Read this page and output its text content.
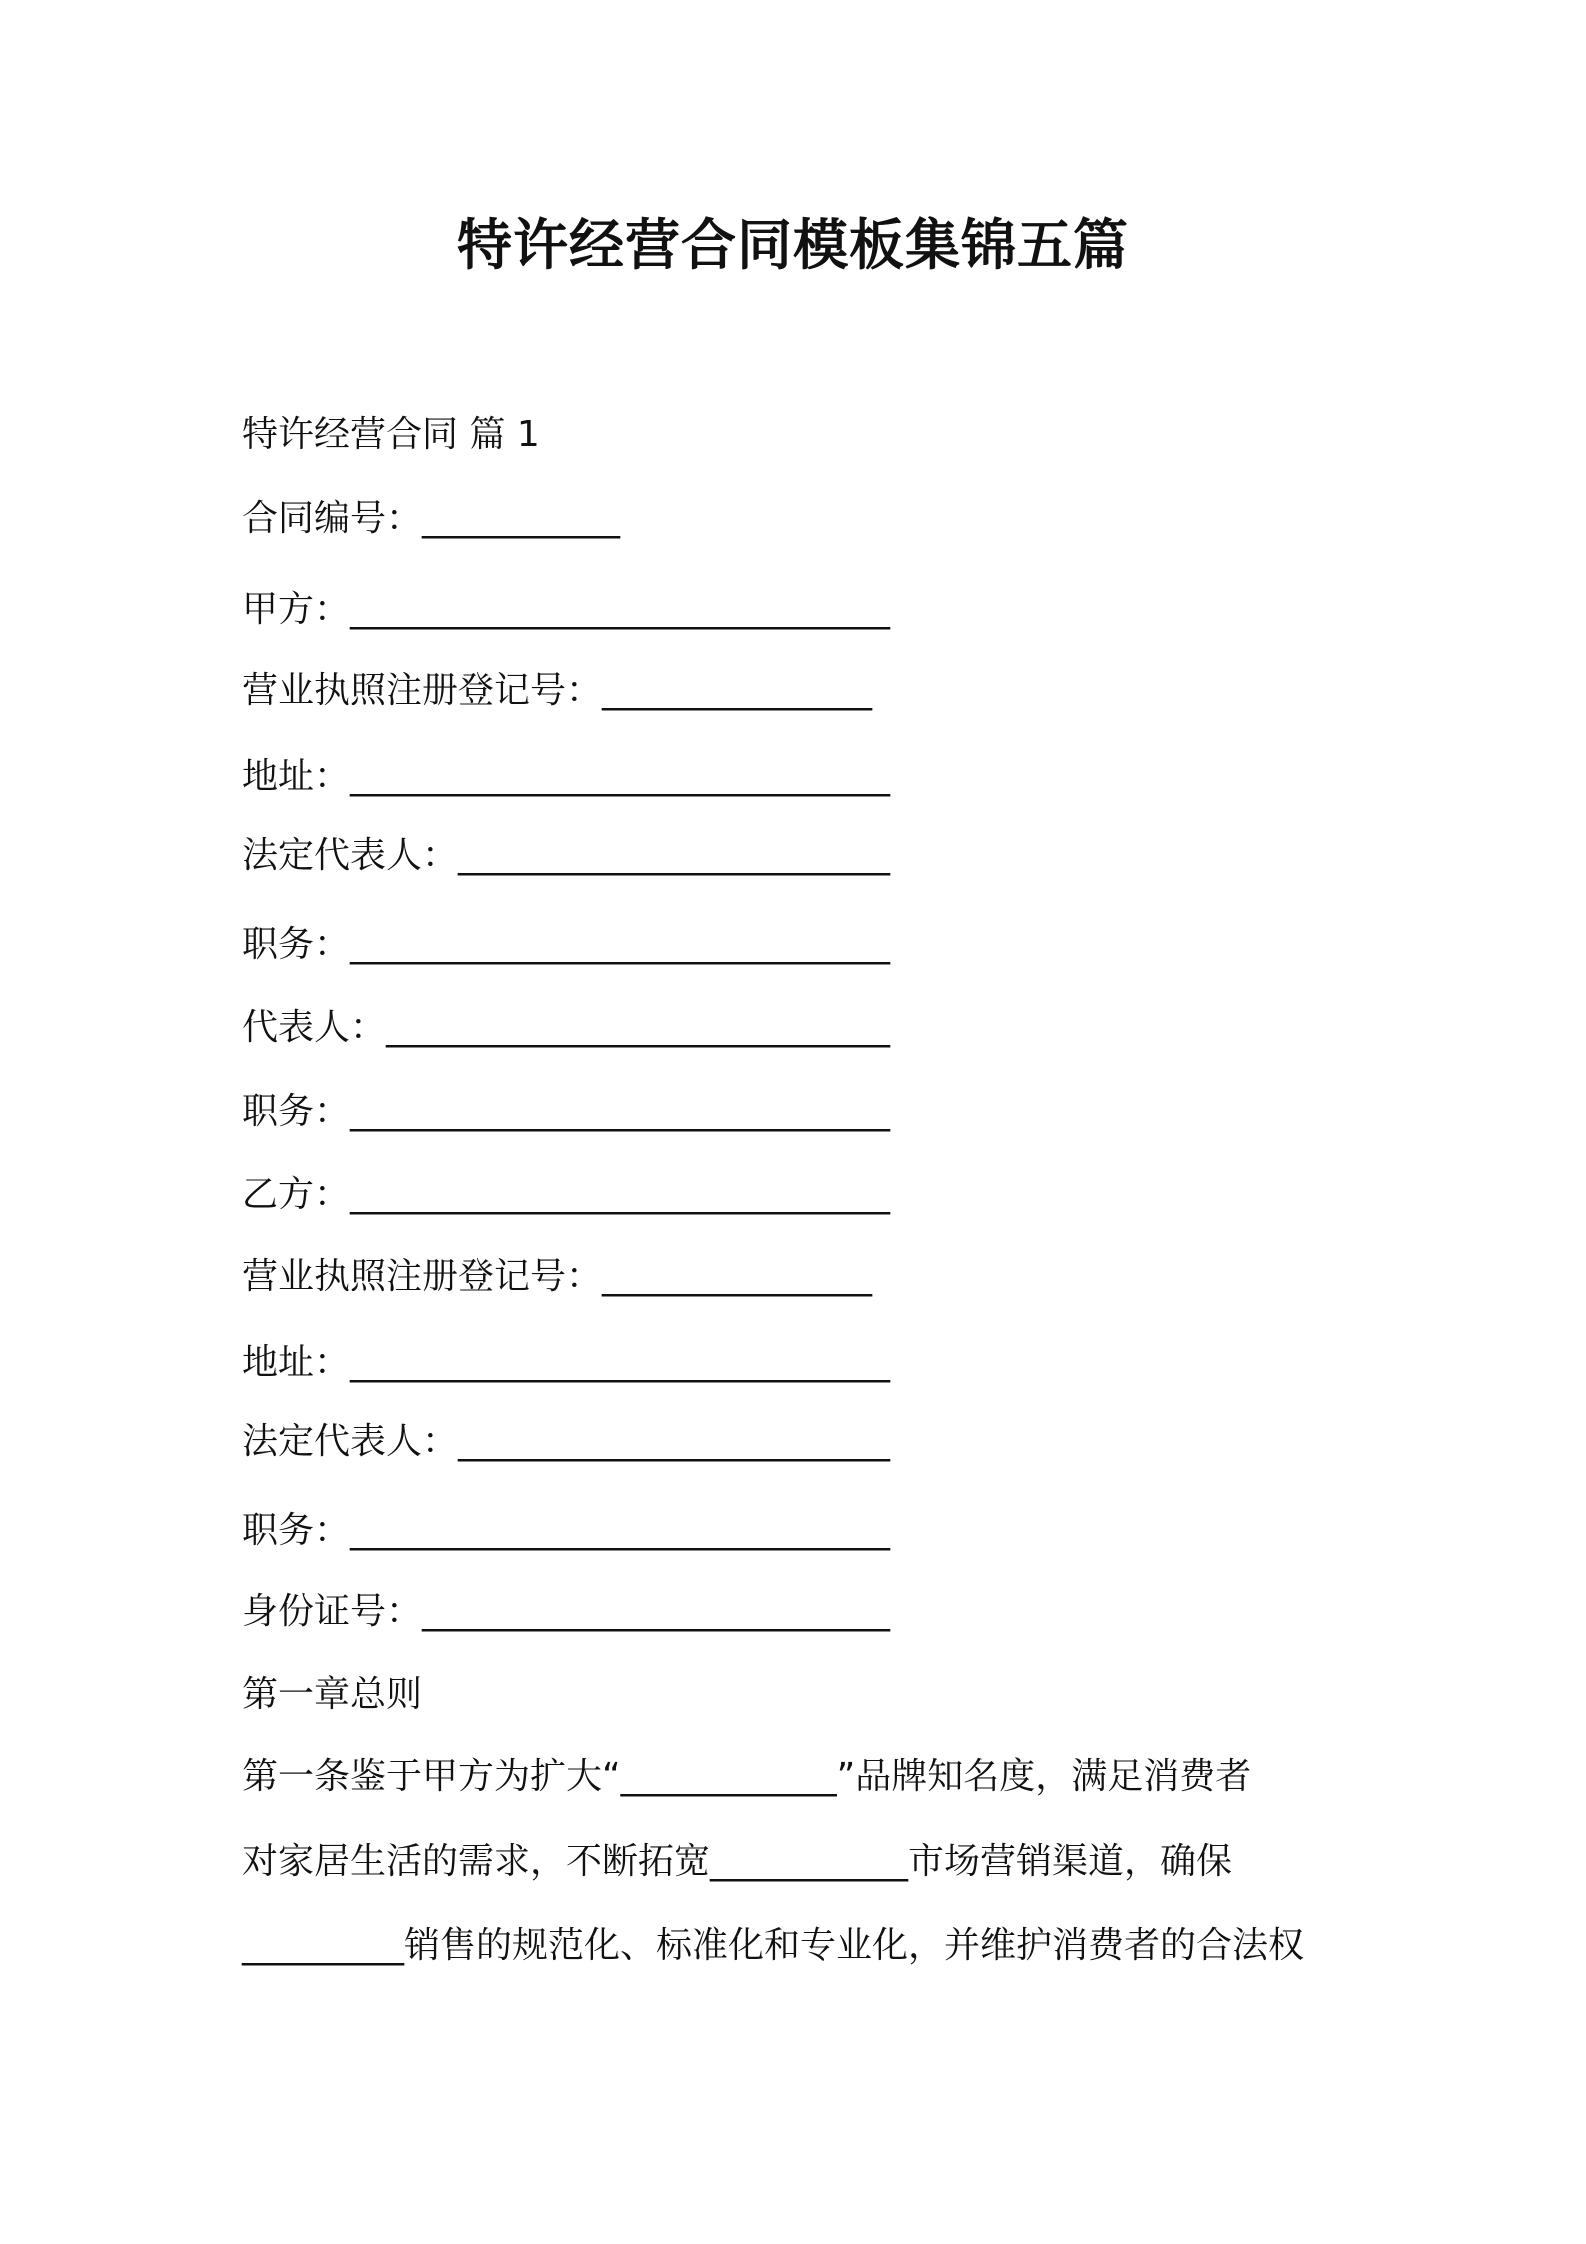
特许经营合同模板集锦五篇

特许经营合同 篇 1

合同编号：___________

甲方：______________________________

营业执照注册登记号：_______________

地址：______________________________

法定代表人：________________________

职务：______________________________

代表人：____________________________

职务：______________________________

乙方：______________________________

营业执照注册登记号：_______________

地址：______________________________

法定代表人：________________________

职务：______________________________

身份证号：__________________________

第一章总则

第一条鉴于甲方为扩大“____________”品牌知名度，满足消费者

对家居生活的需求，不断拓宽___________市场营销渠道，确保

_________销售的规范化、标准化和专业化，并维护消费者的合法权
